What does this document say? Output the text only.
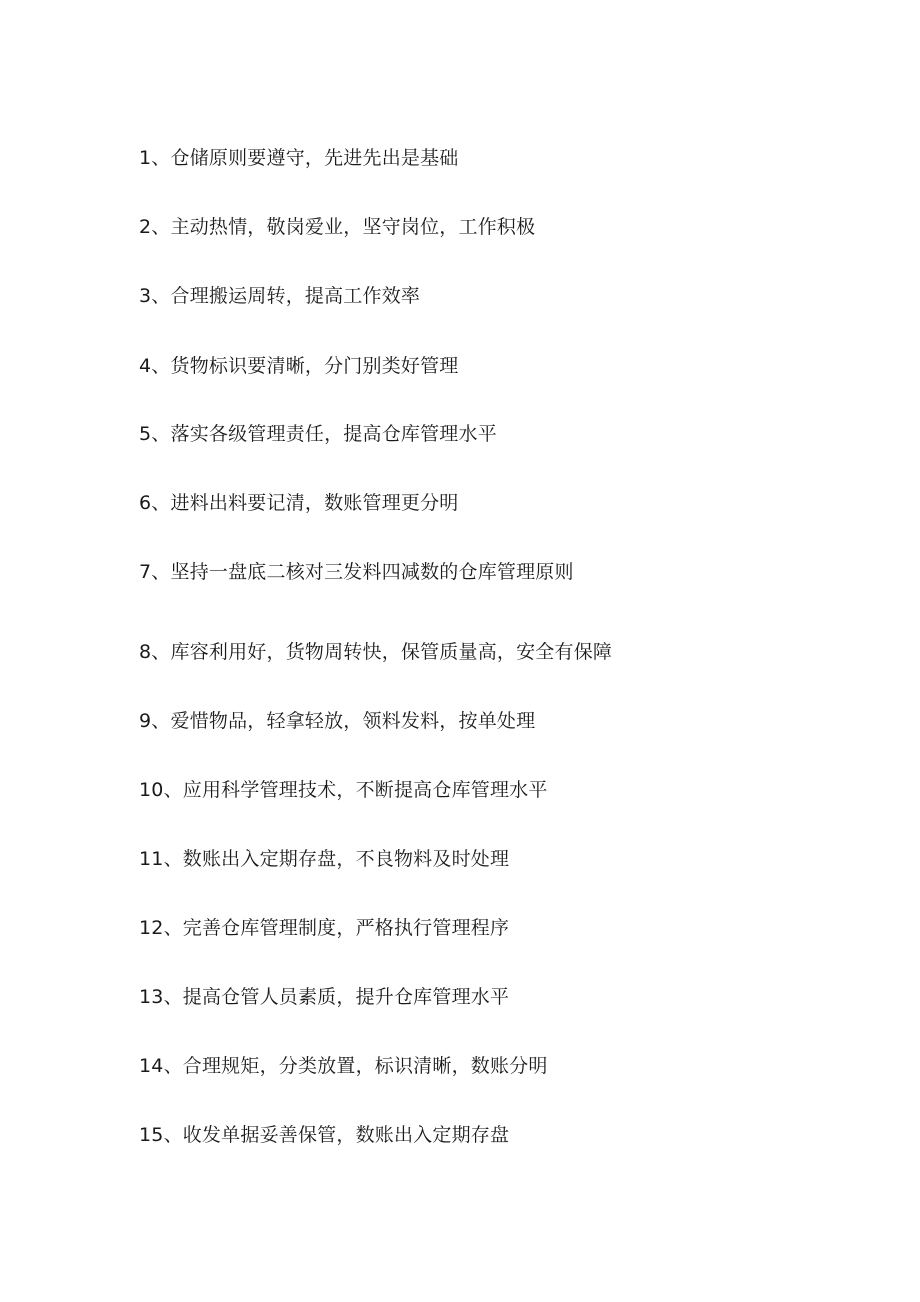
1、仓储原则要遵守，先进先出是基础
2、主动热情，敬岗爱业，坚守岗位，工作积极
3、合理搬运周转，提高工作效率
4、货物标识要清晰，分门别类好管理
5、落实各级管理责任，提高仓库管理水平
6、进料出料要记清，数账管理更分明
7、坚持一盘底二核对三发料四减数的仓库管理原则
8、库容利用好，货物周转快，保管质量高，安全有保障
9、爱惜物品，轻拿轻放，领料发料，按单处理
10、应用科学管理技术，不断提高仓库管理水平
11、数账出入定期存盘，不良物料及时处理
12、完善仓库管理制度，严格执行管理程序
13、提高仓管人员素质，提升仓库管理水平
14、合理规矩，分类放置，标识清晰，数账分明
15、收发单据妥善保管，数账出入定期存盘
